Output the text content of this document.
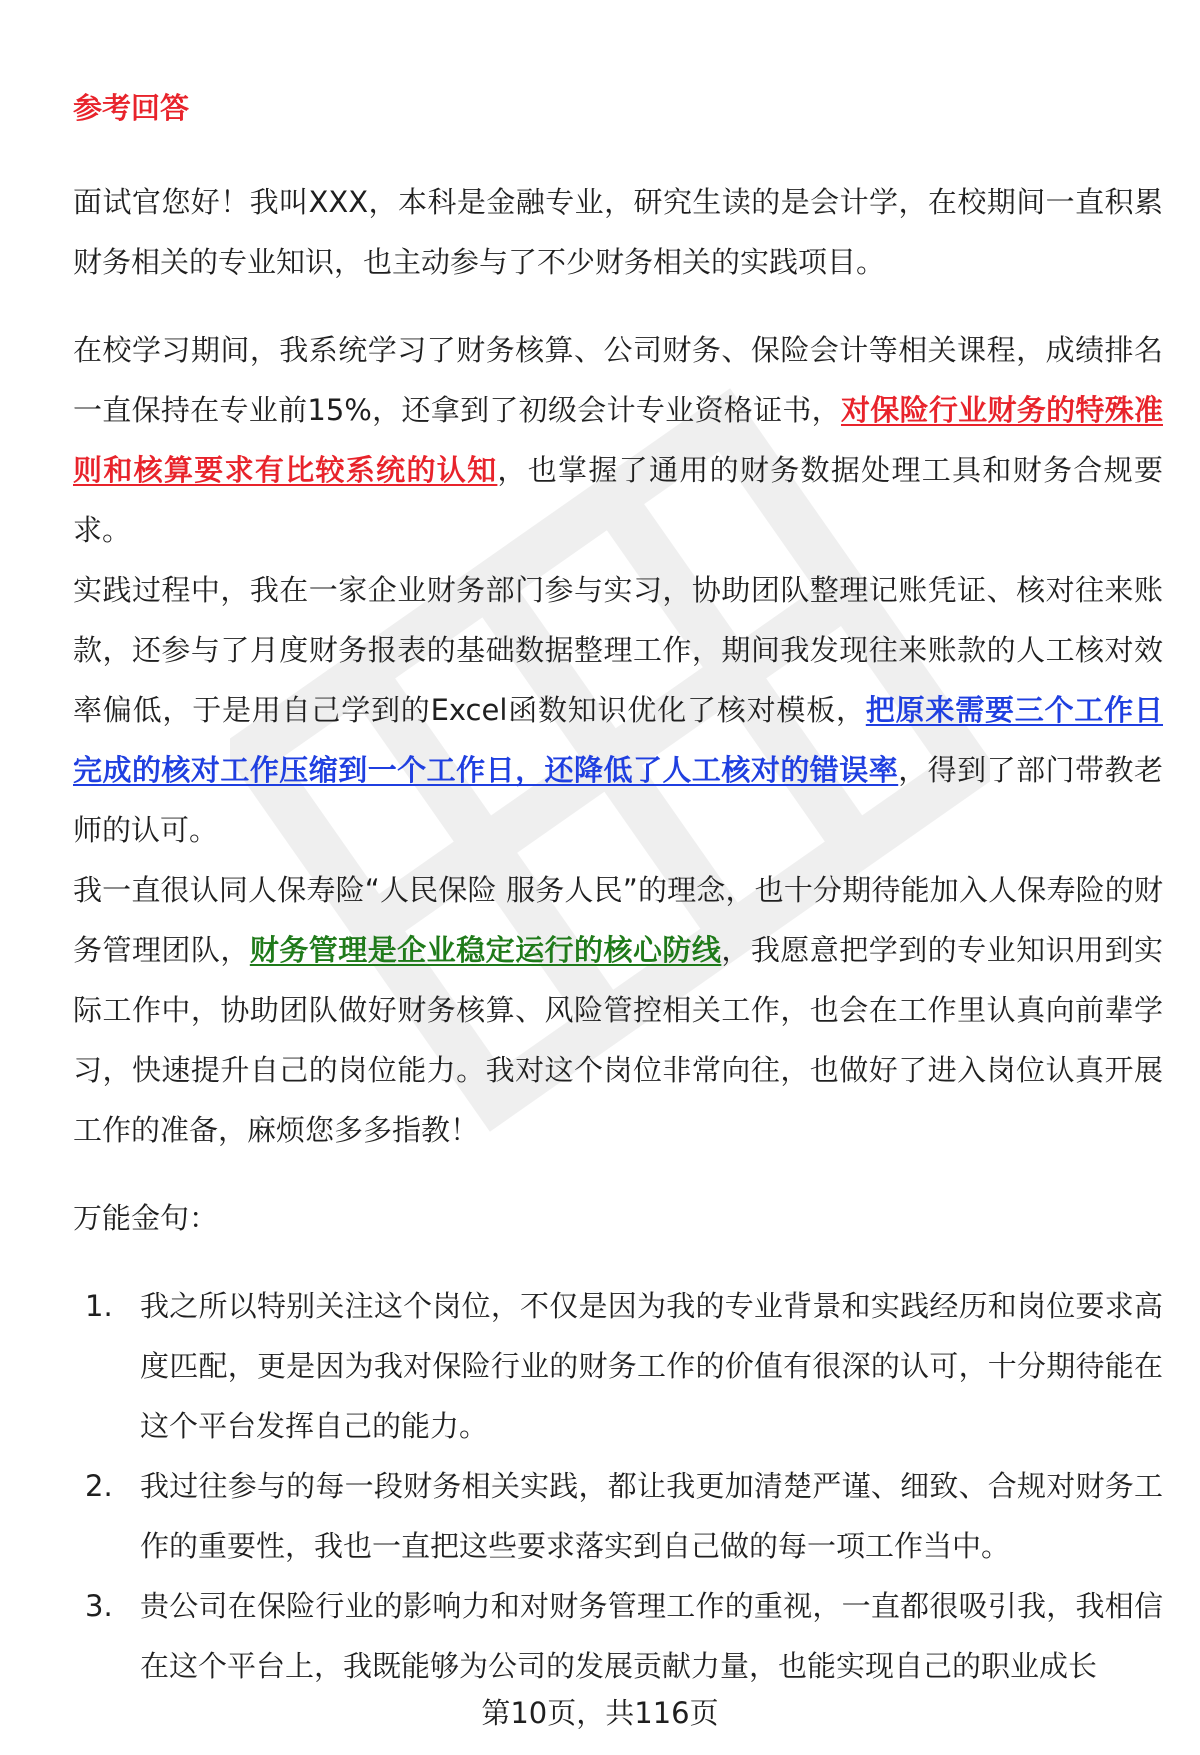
参考回答

面试官您好！我叫XXX，本科是金融专业，研究生读的是会计学，在校期间一直积累财务相关的专业知识，也主动参与了不少财务相关的实践项目。

在校学习期间，我系统学习了财务核算、公司财务、保险会计等相关课程，成绩排名一直保持在专业前15%，还拿到了初级会计专业资格证书，对保险行业财务的特殊准则和核算要求有比较系统的认知，也掌握了通用的财务数据处理工具和财务合规要求。

实践过程中，我在一家企业财务部门参与实习，协助团队整理记账凭证、核对往来账款，还参与了月度财务报表的基础数据整理工作，期间我发现往来账款的人工核对效率偏低，于是用自己学到的Excel函数知识优化了核对模板，把原来需要三个工作日完成的核对工作压缩到一个工作日，还降低了人工核对的错误率，得到了部门带教老师的认可。

我一直很认同人保寿险“人民保险 服务人民”的理念，也十分期待能加入人保寿险的财务管理团队，财务管理是企业稳定运行的核心防线，我愿意把学到的专业知识用到实际工作中，协助团队做好财务核算、风险管控相关工作，也会在工作里认真向前辈学习，快速提升自己的岗位能力。我对这个岗位非常向往，也做好了进入岗位认真开展工作的准备，麻烦您多多指教！

万能金句：

1. 我之所以特别关注这个岗位，不仅是因为我的专业背景和实践经历和岗位要求高度匹配，更是因为我对保险行业的财务工作的价值有很深的认可，十分期待能在这个平台发挥自己的能力。
2. 我过往参与的每一段财务相关实践，都让我更加清楚严谨、细致、合规对财务工作的重要性，我也一直把这些要求落实到自己做的每一项工作当中。
3. 贵公司在保险行业的影响力和对财务管理工作的重视，一直都很吸引我，我相信在这个平台上，我既能够为公司的发展贡献力量，也能实现自己的职业成长
第10页，共116页
